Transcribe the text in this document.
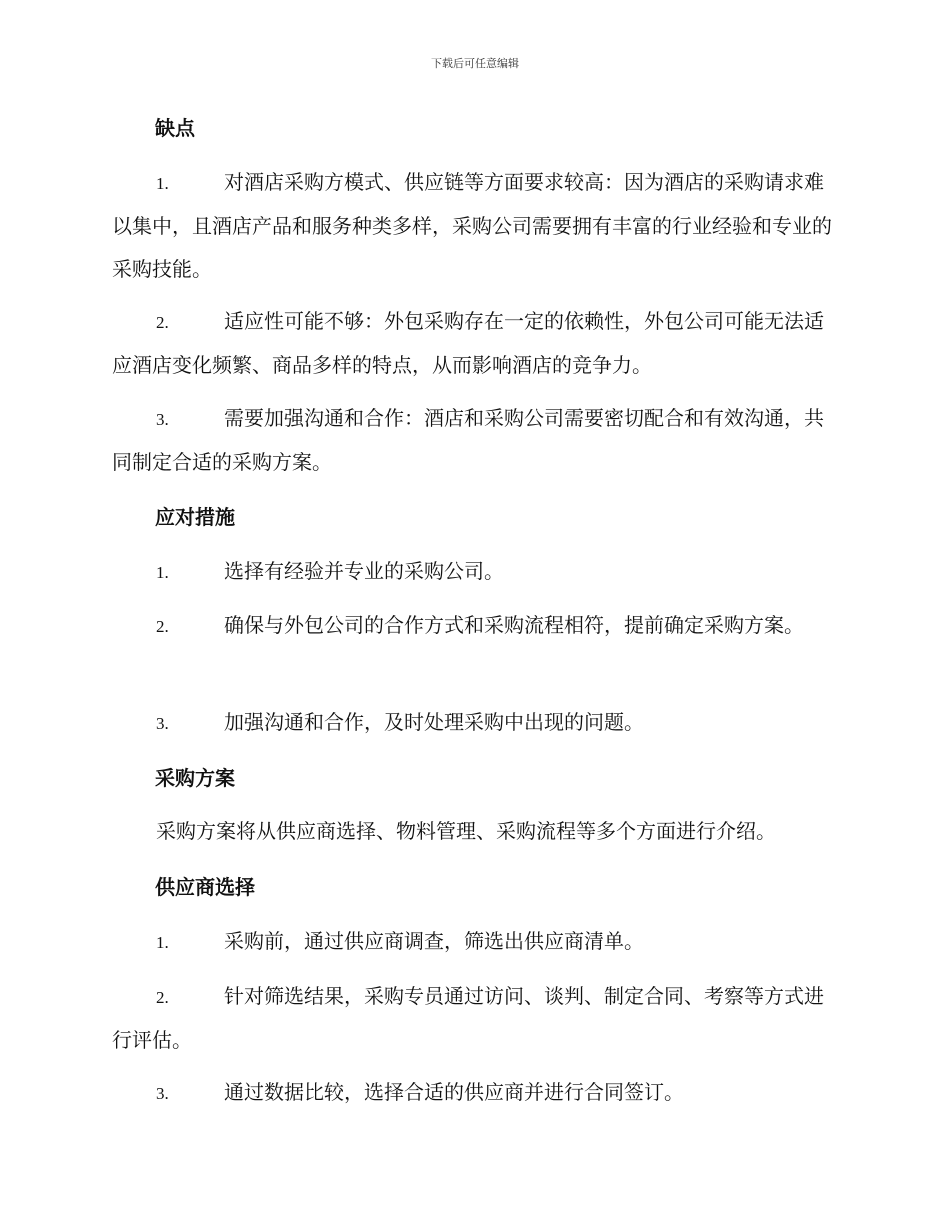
下载后可任意编辑
缺点
1.	对酒店采购方模式、供应链等方面要求较高：因为酒店的采购请求难以集中，且酒店产品和服务种类多样，采购公司需要拥有丰富的行业经验和专业的采购技能。
2.	适应性可能不够：外包采购存在一定的依赖性，外包公司可能无法适应酒店变化频繁、商品多样的特点，从而影响酒店的竞争力。
3.	需要加强沟通和合作：酒店和采购公司需要密切配合和有效沟通，共同制定合适的采购方案。
应对措施
1.	选择有经验并专业的采购公司。
2.	确保与外包公司的合作方式和采购流程相符，提前确定采购方案。
3.	加强沟通和合作，及时处理采购中出现的问题。
采购方案
采购方案将从供应商选择、物料管理、采购流程等多个方面进行介绍。
供应商选择
1.	采购前，通过供应商调查，筛选出供应商清单。
2.	针对筛选结果，采购专员通过访问、谈判、制定合同、考察等方式进行评估。
3.	通过数据比较，选择合适的供应商并进行合同签订。
